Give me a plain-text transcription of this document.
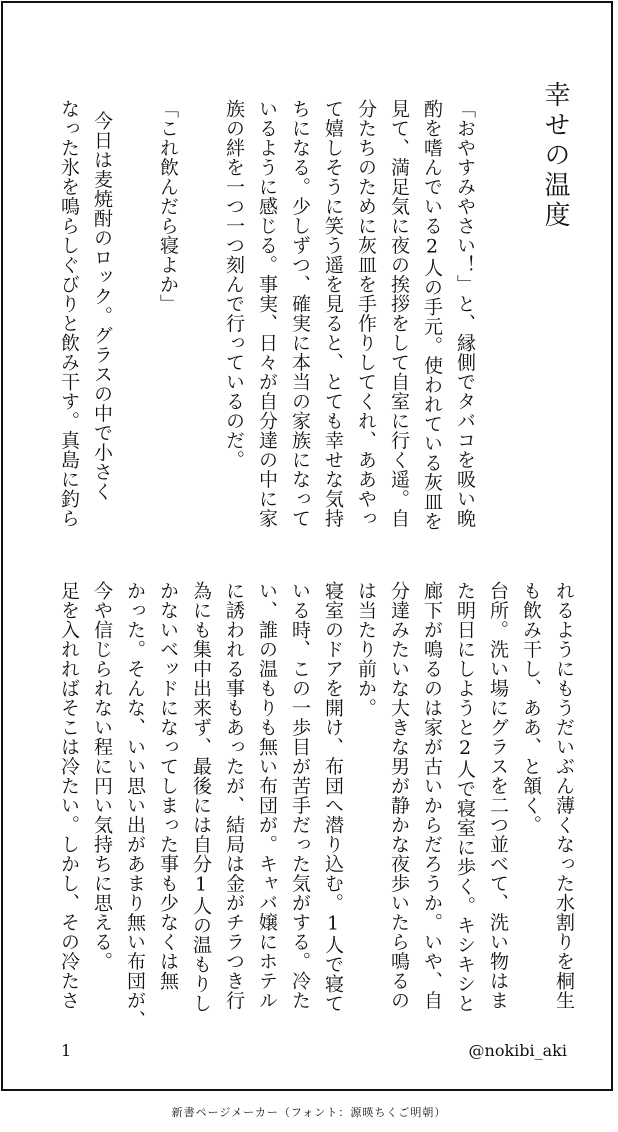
幸せの温度
「おやすみやさい！」と、縁側でタバコを吸い晩
酌を嗜んでいる2人の手元。使われている灰皿を
見て、満足気に夜の挨拶をして自室に行く遥。自
分たちのために灰皿を手作りしてくれ、ああやっ
て嬉しそうに笑う遥を見ると、とても幸せな気持
ちになる。少しずつ、確実に本当の家族になって
いるように感じる。事実、日々が自分達の中に家
族の絆を一つ一つ刻んで行っているのだ。
「これ飲んだら寝よか」
今日は麦焼酎のロック。グラスの中で小さく
なった氷を鳴らしぐびりと飲み干す。真島に釣ら
れるようにもうだいぶん薄くなった水割りを桐生
も飲み干し、ああ、と頷く。
台所。洗い場にグラスを二つ並べて、洗い物はま
た明日にしようと2人で寝室に歩く。キシキシと
廊下が鳴るのは家が古いからだろうか。いや、自
分達みたいな大きな男が静かな夜歩いたら鳴るの
は当たり前か。
寝室のドアを開け、布団へ潜り込む。1人で寝て
いる時、この一歩目が苦手だった気がする。冷た
い、誰の温もりも無い布団が。キャバ嬢にホテル
に誘われる事もあったが、結局は金がチラつき行
為にも集中出来ず、最後には自分1人の温もりし
かないベッドになってしまった事も少なくは無
かった。そんな、いい思い出があまり無い布団が、
今や信じられない程に円い気持ちに思える。
足を入れればそこは冷たい。しかし、その冷たさ
1	@nokibi_aki
新書ページメーカー（フォント：源暎ちくご明朝）
